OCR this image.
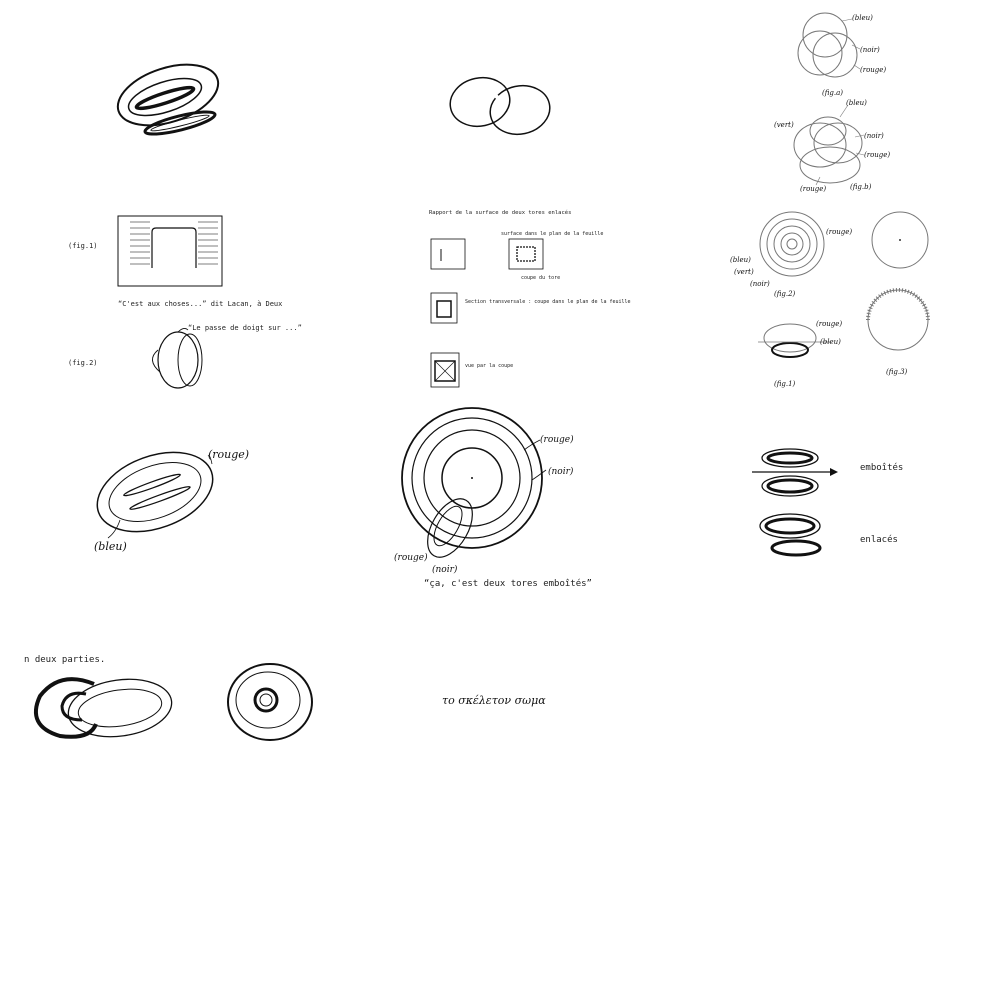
(bleu)
(noir)
(rouge)
(fig.a)
(vert)
(bleu)
(noir)
(rouge)
(rouge)	(fig.b)
(fig.1)
“C'est aux choses...” dit Lacan, à Deux
(fig.2)
“Le passe de doigt sur ...”
Rapport de la surface de deux tores enlacés
surface dans le plan de la feuille
coupe du tore
Section transversale : coupe dans le plan de la feuille
vue par la coupe
(rouge)
(bleu)
(vert)
(noir)
(fig.2)
(rouge)
(bleu)
(fig.1)
(fig.3)
(rouge)
(bleu)
(rouge)
(noir)
(rouge)
(noir)
“ça, c'est deux tores emboîtés”
emboîtés
enlacés
n deux parties.
το σκέλετον σωμα
